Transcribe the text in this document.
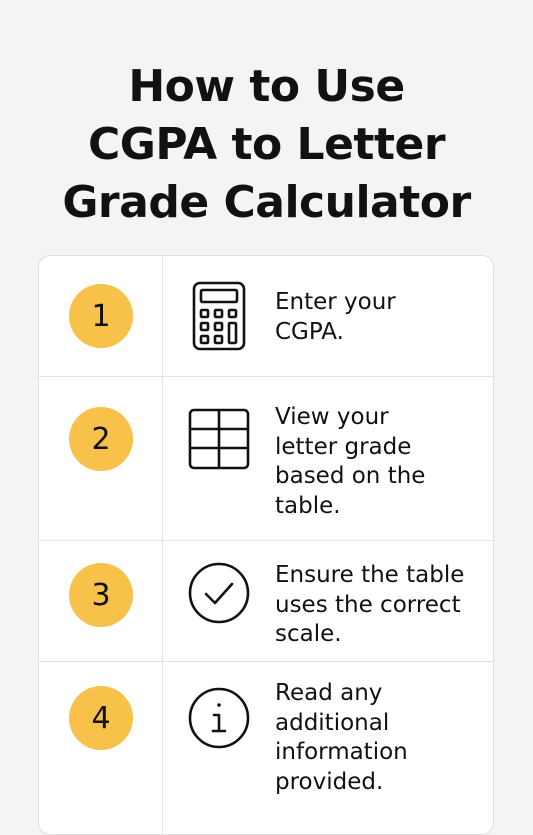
How to Use
CGPA to Letter
Grade Calculator
1	Enter your
CGPA.
2
View your
letter grade
based on the
table.
3
Ensure the table
uses the correct
scale.
4
Read any
additional
information
provided.
